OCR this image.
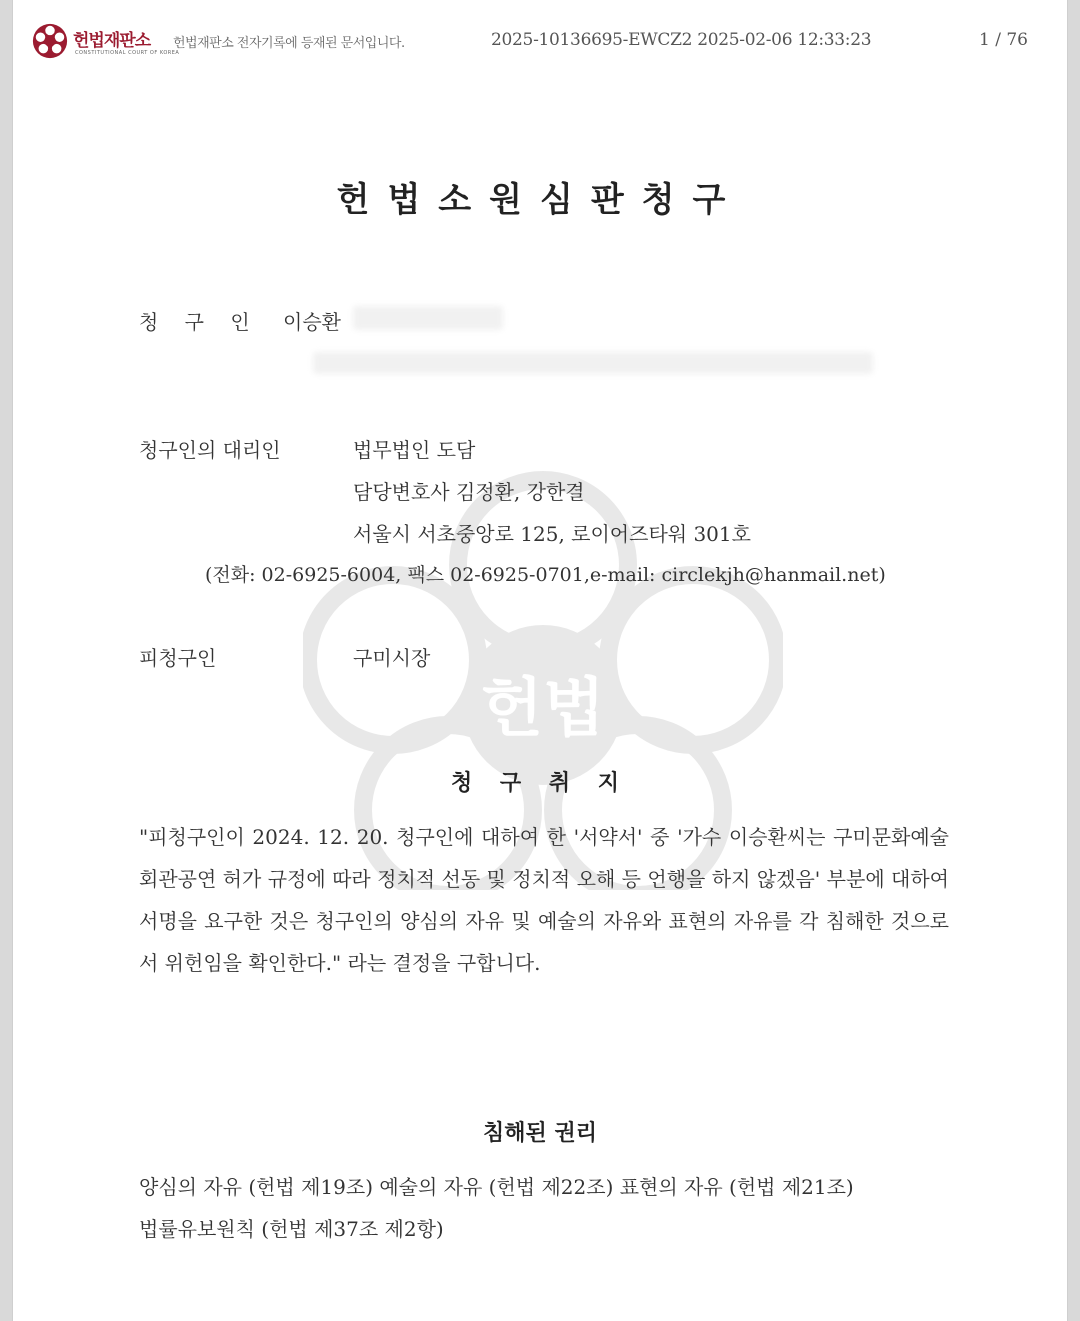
헌법재판소
CONSTITUTIONAL COURT OF KOREA
헌법재판소 전자기록에 등재된 문서입니다.	2025-10136695-EWCZ2 2025-02-06 12:33:23	1 / 76
헌법
헌법소원심판청구
청 구 인 이승환
청구인의 대리인	법무법인 도담
담당변호사 김정환, 강한결
서울시 서초중앙로 125, 로이어즈타워 301호
(전화: 02-6925-6004, 팩스 02-6925-0701,e-mail: circlekjh@hanmail.net)
피청구인	구미시장
청 구 취 지
"피청구인이 2024. 12. 20. 청구인에 대하여 한 '서약서' 중 '가수 이승환씨는 구미문화예술회관공연 허가 규정에 따라 정치적 선동 및 정치적 오해 등 언행을 하지 않겠음' 부분에 대하여 서명을 요구한 것은 청구인의 양심의 자유 및 예술의 자유와 표현의 자유를 각 침해한 것으로서 위헌임을 확인한다." 라는 결정을 구합니다.
침해된 권리
양심의 자유 (헌법 제19조) 예술의 자유 (헌법 제22조) 표현의 자유 (헌법 제21조)
법률유보원칙 (헌법 제37조 제2항)
